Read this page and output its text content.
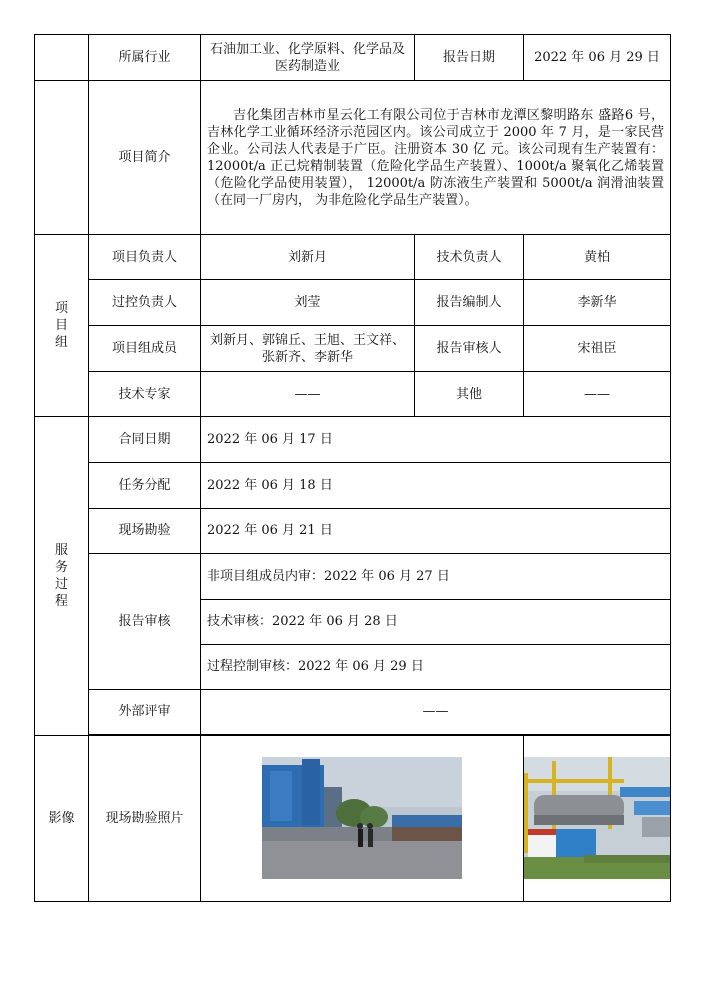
	所属行业	石油加工业、化学原料、化学品及医药制造业	报告日期	2022 年 06 月 29 日
	项目简介	吉化集团吉林市星云化工有限公司位于吉林市龙潭区黎明路东 盛路6 号，吉林化学工业循环经济示范园区内。该公司成立于 2000 年 7 月，是一家民营企业。公司法人代表是于广臣。注册资本 30 亿 元。该公司现有生产装置有：12000t/a 正己烷精制装置（危险化学品生产装置）、1000t/a 聚氧化乙烯装置（危险化学品使用装置）， 12000t/a 防冻液生产装置和 5000t/a 润滑油装置（在同一厂房内， 为非危险化学品生产装置）。		

项
目
组	项目负责人	刘新月	技术负责人	黄柏
	过控负责人	刘莹	报告编制人	李新华
	项目组成员	刘新月、郭锦丘、王旭、王文祥、张新齐、李新华	报告审核人	宋祖臣
	技术专家	——	其他	——

服
务
过
程	合同日期	2022 年 06 月 17 日		
	任务分配	2022 年 06 月 18 日		
	现场勘验	2022 年 06 月 21 日		
	报告审核	非项目组成员内审：2022 年 06 月 27 日		
		技术审核：2022 年 06 月 28 日		
		过程控制审核：2022 年 06 月 29 日		
	外部评审	——		

影像	现场勘验照片	
